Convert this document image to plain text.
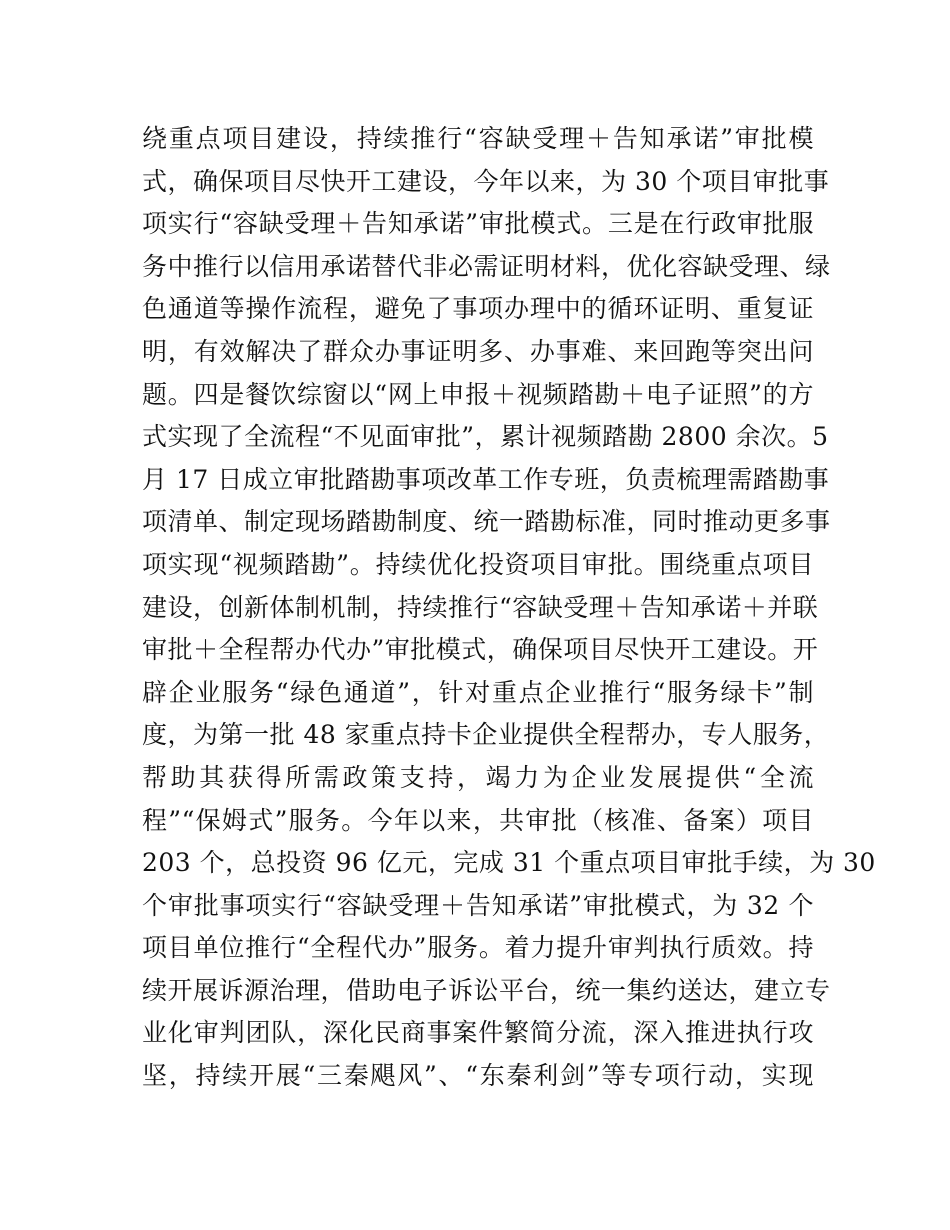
绕重点项目建设，持续推行“容缺受理＋告知承诺”审批模
式，确保项目尽快开工建设，今年以来，为 30 个项目审批事
项实行“容缺受理＋告知承诺”审批模式。三是在行政审批服
务中推行以信用承诺替代非必需证明材料，优化容缺受理、绿
色通道等操作流程，避免了事项办理中的循环证明、重复证
明，有效解决了群众办事证明多、办事难、来回跑等突出问
题。四是餐饮综窗以“网上申报＋视频踏勘＋电子证照”的方
式实现了全流程“不见面审批”，累计视频踏勘 2800 余次。5
月 17 日成立审批踏勘事项改革工作专班，负责梳理需踏勘事
项清单、制定现场踏勘制度、统一踏勘标准，同时推动更多事
项实现“视频踏勘”。持续优化投资项目审批。围绕重点项目
建设，创新体制机制，持续推行“容缺受理＋告知承诺＋并联
审批＋全程帮办代办”审批模式，确保项目尽快开工建设。开
辟企业服务“绿色通道”，针对重点企业推行“服务绿卡”制
度，为第一批 48 家重点持卡企业提供全程帮办，专人服务，
帮助其获得所需政策支持，竭力为企业发展提供“全流
程”“保姆式”服务。今年以来，共审批（核准、备案）项目
203 个，总投资 96 亿元，完成 31 个重点项目审批手续，为 30
个审批事项实行“容缺受理＋告知承诺”审批模式，为 32 个
项目单位推行“全程代办”服务。着力提升审判执行质效。持
续开展诉源治理，借助电子诉讼平台，统一集约送达，建立专
业化审判团队，深化民商事案件繁简分流，深入推进执行攻
坚，持续开展“三秦飓风”、“东秦利剑”等专项行动，实现
